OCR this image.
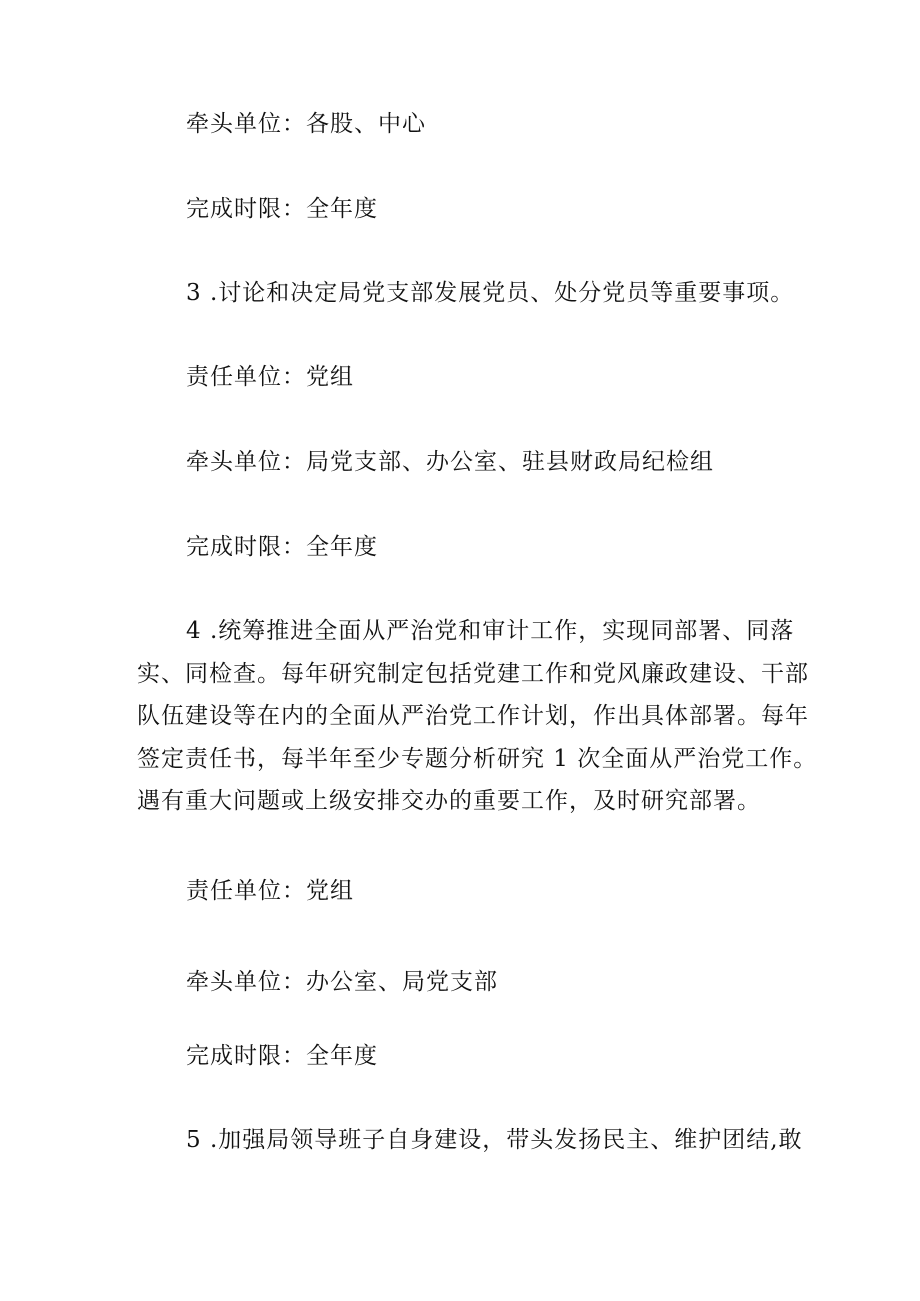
牵头单位：各股、中心
完成时限：全年度
3 .讨论和决定局党支部发展党员、处分党员等重要事项。
责任单位：党组
牵头单位：局党支部、办公室、驻县财政局纪检组
完成时限：全年度
4 .统筹推进全面从严治党和审计工作，实现同部署、同落
实、同检查。每年研究制定包括党建工作和党风廉政建设、干部
队伍建设等在内的全面从严治党工作计划，作出具体部署。每年
签定责任书，每半年至少专题分析研究 1 次全面从严治党工作。
遇有重大问题或上级安排交办的重要工作，及时研究部署。
责任单位：党组
牵头单位：办公室、局党支部
完成时限：全年度
5 .加强局领导班子自身建设，带头发扬民主、维护团结,敢
